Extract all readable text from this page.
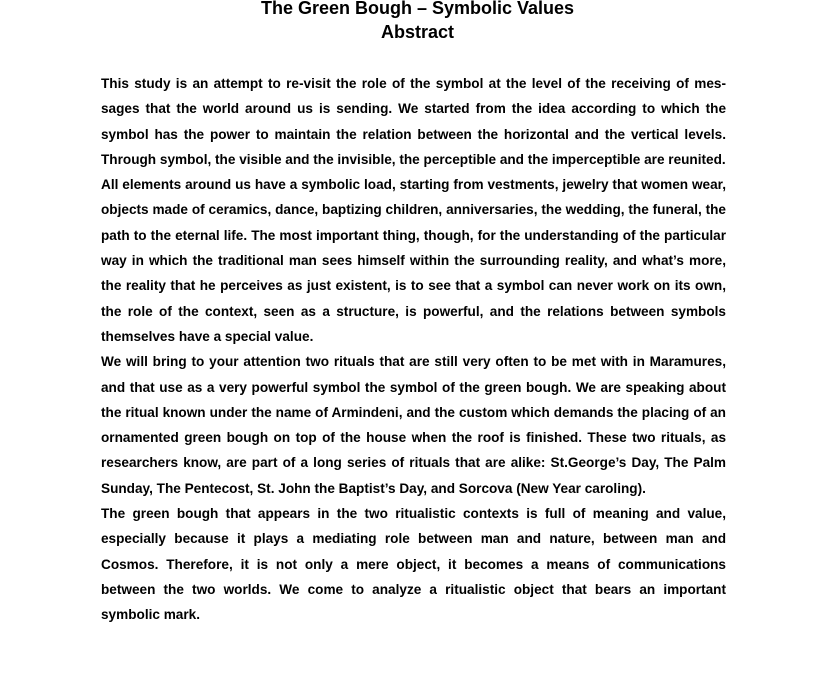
The Green Bough – Symbolic Values
Abstract

This study is an attempt to re-visit the role of the symbol at the level of the receiving of messages that the world around us is sending. We started from the idea according to which the symbol has the power to maintain the relation between the horizontal and the vertical levels. Through symbol, the visible and the invisible, the perceptible and the imperceptible are reunited.

All elements around us have a symbolic load, starting from vestments, jewelry that women wear, objects made of ceramics, dance, baptizing children, anniversaries, the wedding, the funeral, the path to the eternal life. The most important thing, though, for the understanding of the particular way in which the traditional man sees himself within the surrounding reality, and what’s more, the reality that he perceives as just existent, is to see that a symbol can never work on its own, the role of the context, seen as a structure, is powerful, and the relations between symbols themselves have a special value.

We will bring to your attention two rituals that are still very often to be met with in Maramures, and that use as a very powerful symbol the symbol of the green bough. We are speaking about the ritual known under the name of Armindeni, and the custom which demands the placing of an ornamented green bough on top of the house when the roof is finished. These two rituals, as researchers know, are part of a long series of rituals that are alike: St.George’s Day, The Palm Sunday, The Pentecost, St. John the Baptist’s Day, and Sorcova (New Year caroling).

The green bough that appears in the two ritualistic contexts is full of meaning and value, especially because it plays a mediating role between man and nature, between man and Cosmos. Therefore, it is not only a mere object, it becomes a means of communications between the two worlds. We come to analyze a ritualistic object that bears an important symbolic mark.
